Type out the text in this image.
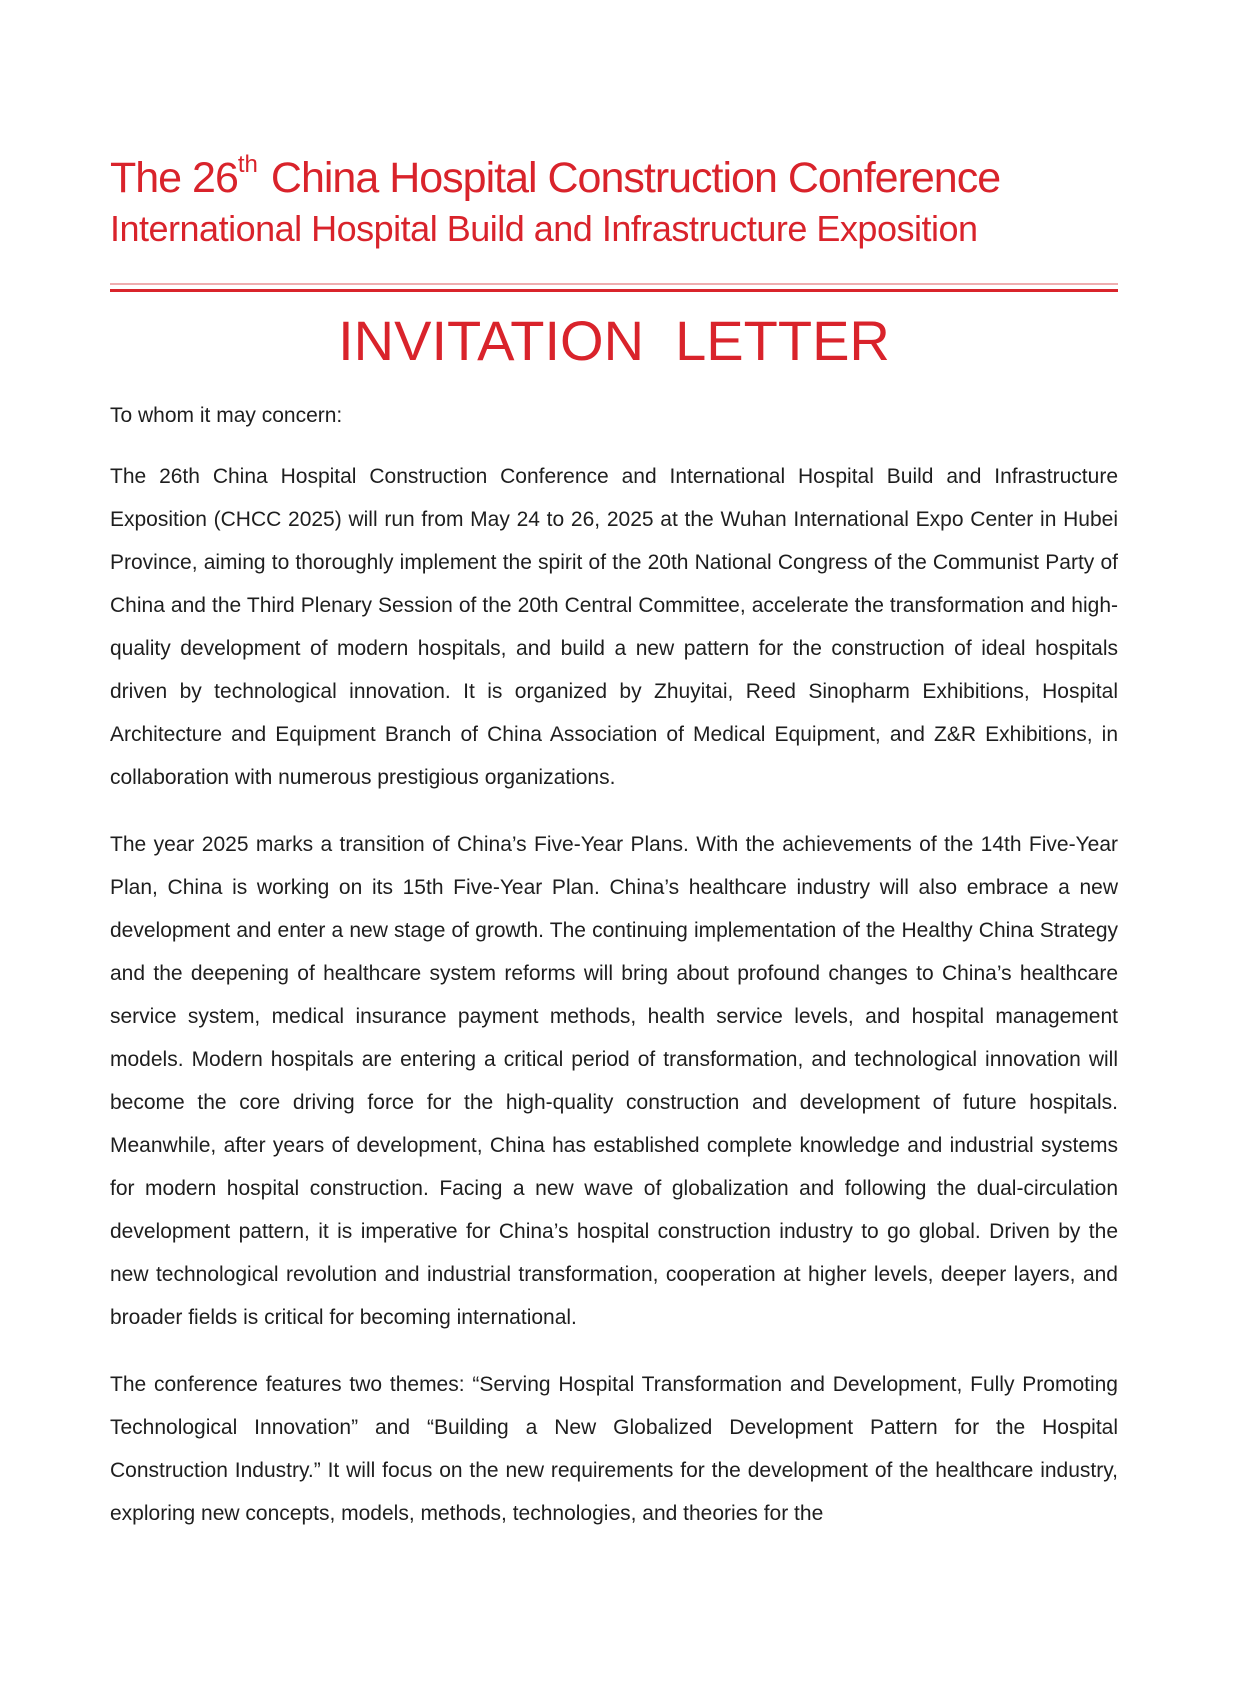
The 26th China Hospital Construction Conference
International Hospital Build and Infrastructure Exposition
INVITATION  LETTER
To whom it may concern:

The 26th China Hospital Construction Conference and International Hospital Build and Infrastructure Exposition (CHCC 2025) will run from May 24 to 26, 2025 at the Wuhan International Expo Center in Hubei Province, aiming to thoroughly implement the spirit of the 20th National Congress of the Communist Party of China and the Third Plenary Session of the 20th Central Committee, accelerate the transformation and high-quality development of modern hospitals, and build a new pattern for the construction of ideal hospitals driven by technological innovation. It is organized by Zhuyitai, Reed Sinopharm Exhibitions, Hospital Architecture and Equipment Branch of China Association of Medical Equipment, and Z&R Exhibitions, in collaboration with numerous prestigious organizations.

The year 2025 marks a transition of China’s Five-Year Plans. With the achievements of the 14th Five-Year Plan, China is working on its 15th Five-Year Plan. China’s healthcare industry will also embrace a new development and enter a new stage of growth. The continuing implementation of the Healthy China Strategy and the deepening of healthcare system reforms will bring about profound changes to China’s healthcare service system, medical insurance payment methods, health service levels, and hospital management models. Modern hospitals are entering a critical period of transformation, and technological innovation will become the core driving force for the high-quality construction and development of future hospitals. Meanwhile, after years of development, China has established complete knowledge and industrial systems for modern hospital construction. Facing a new wave of globalization and following the dual-circulation development pattern, it is imperative for China’s hospital construction industry to go global. Driven by the new technological revolution and industrial transformation, cooperation at higher levels, deeper layers, and broader fields is critical for becoming international.

The conference features two themes: “Serving Hospital Transformation and Development, Fully Promoting Technological Innovation” and “Building a New Globalized Development Pattern for the Hospital Construction Industry.” It will focus on the new requirements for the development of the healthcare industry, exploring new concepts, models, methods, technologies, and theories for the
